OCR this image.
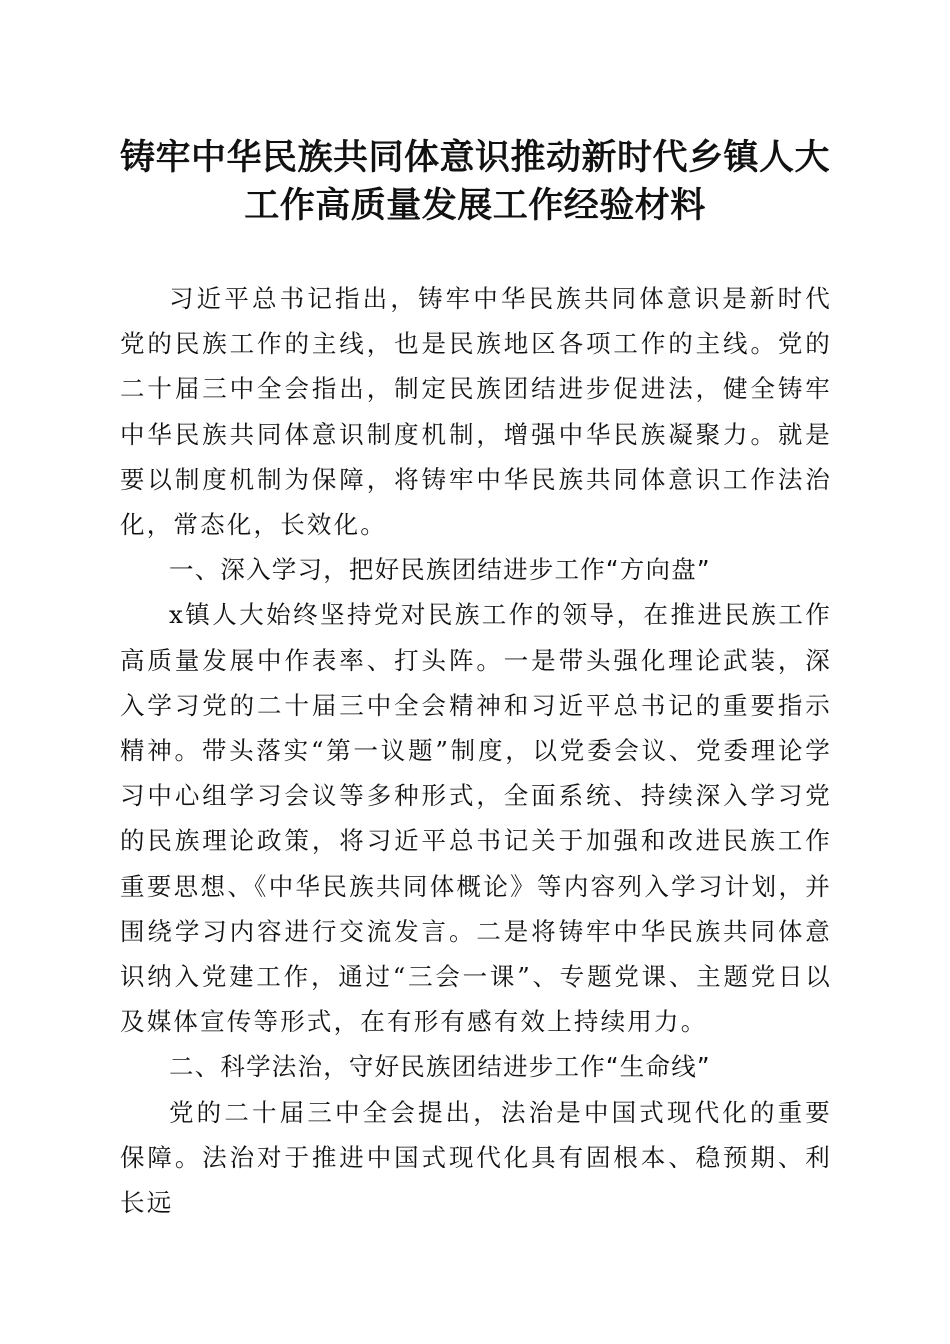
铸牢中华民族共同体意识推动新时代乡镇人大
工作高质量发展工作经验材料

习近平总书记指出，铸牢中华民族共同体意识是新时代党的民族工作的主线，也是民族地区各项工作的主线。党的二十届三中全会指出，制定民族团结进步促进法，健全铸牢中华民族共同体意识制度机制，增强中华民族凝聚力。就是要以制度机制为保障，将铸牢中华民族共同体意识工作法治化，常态化，长效化。

一、深入学习，把好民族团结进步工作“方向盘”

x镇人大始终坚持党对民族工作的领导，在推进民族工作高质量发展中作表率、打头阵。一是带头强化理论武装，深入学习党的二十届三中全会精神和习近平总书记的重要指示精神。带头落实“第一议题”制度，以党委会议、党委理论学习中心组学习会议等多种形式，全面系统、持续深入学习党的民族理论政策，将习近平总书记关于加强和改进民族工作重要思想、《中华民族共同体概论》等内容列入学习计划，并围绕学习内容进行交流发言。二是将铸牢中华民族共同体意识纳入党建工作，通过“三会一课”、专题党课、主题党日以及媒体宣传等形式，在有形有感有效上持续用力。

二、科学法治，守好民族团结进步工作“生命线”

党的二十届三中全会提出，法治是中国式现代化的重要保障。法治对于推进中国式现代化具有固根本、稳预期、利长远
